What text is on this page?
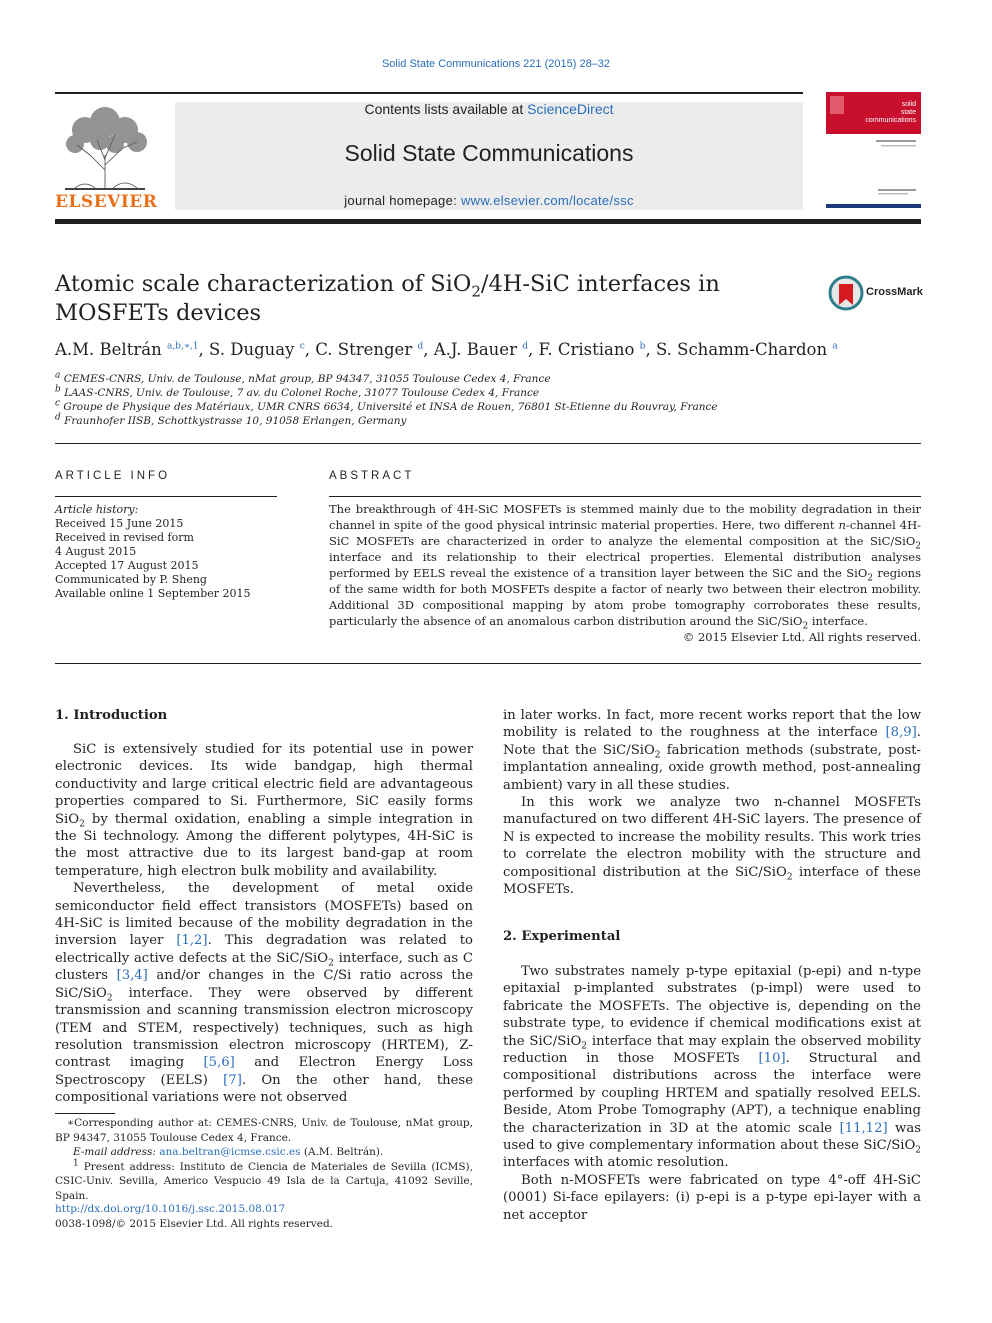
Solid State Communications 221 (2015) 28–32
ELSEVIER
Contents lists available at ScienceDirect
Solid State Communications
journal homepage: www.elsevier.com/locate/ssc
solid
state
communications
Atomic scale characterization of SiO$_2$/4H-SiC interfaces in MOSFETs devices
CrossMark
A.M. Beltrán $^{a,b,∗,1}$, S. Duguay $^c$, C. Strenger $^d$, A.J. Bauer $^d$, F. Cristiano $^b$, S. Schamm-Chardon $^a$
a CEMES-CNRS, Univ. de Toulouse, nMat group, BP 94347, 31055 Toulouse Cedex 4, France
b LAAS-CNRS, Univ. de Toulouse, 7 av. du Colonel Roche, 31077 Toulouse Cedex 4, France
c Groupe de Physique des Matériaux, UMR CNRS 6634, Université et INSA de Rouen, 76801 St-Etienne du Rouvray, France
d Fraunhofer IISB, Schottkystrasse 10, 91058 Erlangen, Germany
ARTICLE INFO	ABSTRACT
Article history:
Received 15 June 2015
Received in revised form
4 August 2015
Accepted 17 August 2015
Communicated by P. Sheng
Available online 1 September 2015
The breakthrough of 4H-SiC MOSFETs is stemmed mainly due to the mobility degradation in their channel in spite of the good physical intrinsic material properties. Here, two different n-channel 4H-SiC MOSFETs are characterized in order to analyze the elemental composition at the SiC/SiO$_2$ interface and its relationship to their electrical properties. Elemental distribution analyses performed by EELS reveal the existence of a transition layer between the SiC and the SiO$_2$ regions of the same width for both MOSFETs despite a factor of nearly two between their electron mobility. Additional 3D compositional mapping by atom probe tomography corroborates these results, particularly the absence of an anomalous carbon distribution around the SiC/SiO$_2$ interface.
© 2015 Elsevier Ltd. All rights reserved.
1. Introduction

SiC is extensively studied for its potential use in power electronic devices. Its wide bandgap, high thermal conductivity and large critical electric field are advantageous properties compared to Si. Furthermore, SiC easily forms SiO$_2$ by thermal oxidation, enabling a simple integration in the Si technology. Among the different polytypes, 4H-SiC is the most attractive due to its largest band-gap at room temperature, high electron bulk mobility and availability.

Nevertheless, the development of metal oxide semiconductor field effect transistors (MOSFETs) based on 4H-SiC is limited because of the mobility degradation in the inversion layer [1,2]. This degradation was related to electrically active defects at the SiC/SiO$_2$ interface, such as C clusters [3,4] and/or changes in the C/Si ratio across the SiC/SiO$_2$ interface. They were observed by different transmission and scanning transmission electron microscopy (TEM and STEM, respectively) techniques, such as high resolution transmission electron microscopy (HRTEM), Z-contrast imaging [5,6] and Electron Energy Loss Spectroscopy (EELS) [7]. On the other hand, these compositional variations were not observed

in later works. In fact, more recent works report that the low mobility is related to the roughness at the interface [8,9]. Note that the SiC/SiO$_2$ fabrication methods (substrate, post-implantation annealing, oxide growth method, post-annealing ambient) vary in all these studies.

In this work we analyze two n-channel MOSFETs manufactured on two different 4H-SiC layers. The presence of N is expected to increase the mobility results. This work tries to correlate the electron mobility with the structure and compositional distribution at the SiC/SiO$_2$ interface of these MOSFETs.

2. Experimental

Two substrates namely p-type epitaxial (p-epi) and n-type epitaxial p-implanted substrates (p-impl) were used to fabricate the MOSFETs. The objective is, depending on the substrate type, to evidence if chemical modifications exist at the SiC/SiO$_2$ interface that may explain the observed mobility reduction in those MOSFETs [10]. Structural and compositional distributions across the interface were performed by coupling HRTEM and spatially resolved EELS. Beside, Atom Probe Tomography (APT), a technique enabling the characterization in 3D at the atomic scale [11,12] was used to give complementary information about these SiC/SiO$_2$ interfaces with atomic resolution.

Both n-MOSFETs were fabricated on type 4°-off 4H-SiC (0001) Si-face epilayers: (i) p-epi is a p-type epi-layer with a net acceptor

∗Corresponding author at: CEMES-CNRS, Univ. de Toulouse, nMat group, BP 94347, 31055 Toulouse Cedex 4, France.
E-mail address: ana.beltran@icmse.csic.es (A.M. Beltrán).
1 Present address: Instituto de Ciencia de Materiales de Sevilla (ICMS), CSIC-Univ. Sevilla, Americo Vespucio 49 Isla de la Cartuja, 41092 Seville, Spain.
http://dx.doi.org/10.1016/j.ssc.2015.08.017
0038-1098/© 2015 Elsevier Ltd. All rights reserved.
